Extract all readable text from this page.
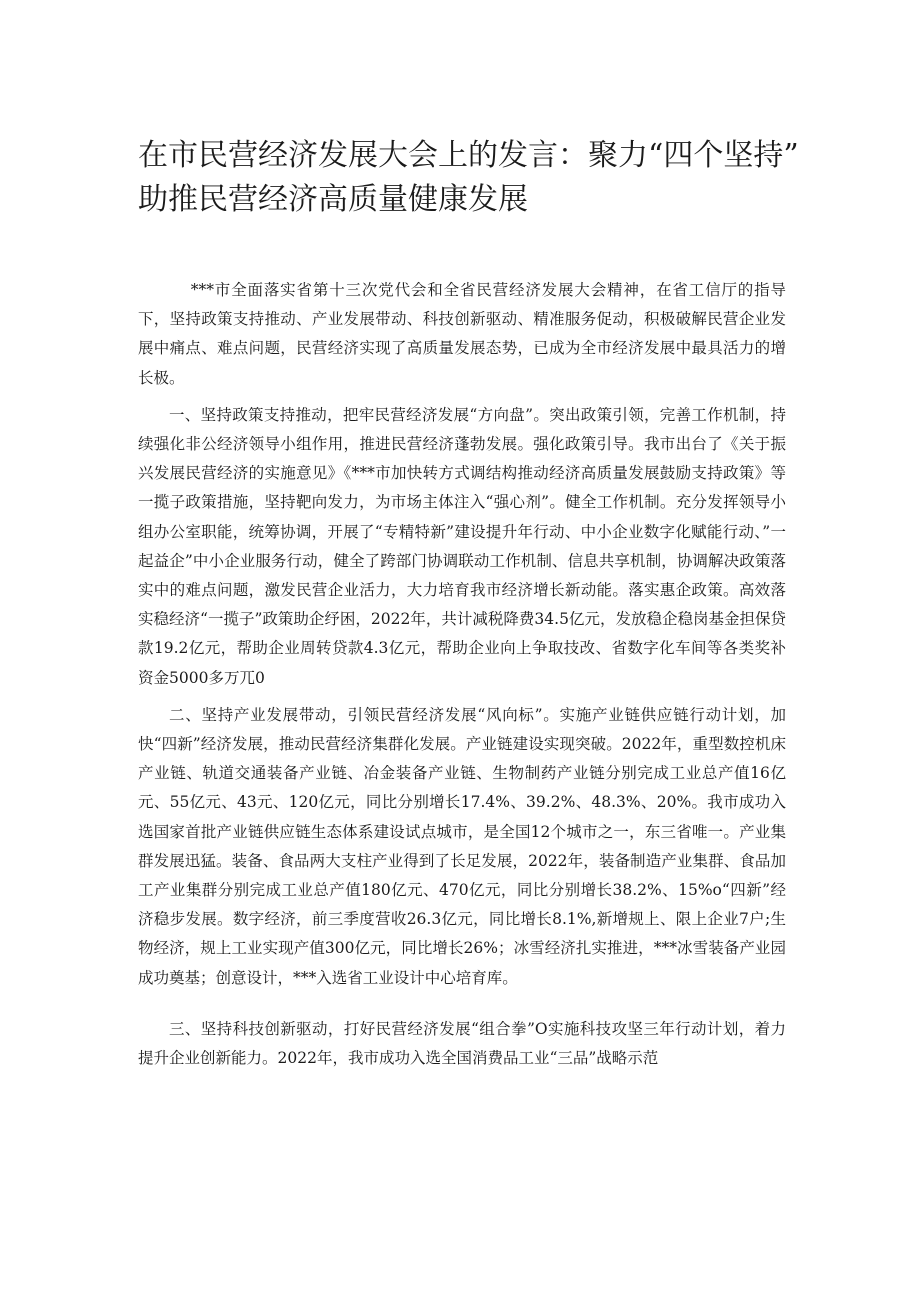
在市民营经济发展大会上的发言：聚力“四个坚持”
助推民营经济高质量健康发展

***市全面落实省第十三次党代会和全省民营经济发展大会精神，在省工信厅的指导下，坚持政策支持推动、产业发展带动、科技创新驱动、精准服务促动，积极破解民营企业发展中痛点、难点问题，民营经济实现了高质量发展态势，已成为全市经济发展中最具活力的增长极。

一、坚持政策支持推动，把牢民营经济发展“方向盘”。突出政策引领，完善工作机制，持续强化非公经济领导小组作用，推进民营经济蓬勃发展。强化政策引导。我市出台了《关于振兴发展民营经济的实施意见》《***市加快转方式调结构推动经济高质量发展鼓励支持政策》等一揽子政策措施，坚持靶向发力，为市场主体注入“强心剂”。健全工作机制。充分发挥领导小组办公室职能，统筹协调，开展了“专精特新”建设提升年行动、中小企业数字化赋能行动、”一起益企”中小企业服务行动，健全了跨部门协调联动工作机制、信息共享机制，协调解决政策落实中的难点问题，激发民营企业活力，大力培育我市经济增长新动能。落实惠企政策。高效落实稳经济“一揽子”政策助企纾困，2022年，共计减税降费34.5亿元，发放稳企稳岗基金担保贷款19.2亿元，帮助企业周转贷款4.3亿元，帮助企业向上争取技改、省数字化车间等各类奖补资金5000多万兀0

二、坚持产业发展带动，引领民营经济发展“风向标”。实施产业链供应链行动计划，加快“四新”经济发展，推动民营经济集群化发展。产业链建设实现突破。2022年，重型数控机床产业链、轨道交通装备产业链、冶金装备产业链、生物制药产业链分别完成工业总产值16亿元、55亿元、43元、120亿元，同比分别增长17.4%、39.2%、48.3%、20%。我市成功入选国家首批产业链供应链生态体系建设试点城市，是全国12个城市之一，东三省唯一。产业集群发展迅猛。装备、食品两大支柱产业得到了长足发展，2022年，装备制造产业集群、食品加工产业集群分别完成工业总产值180亿元、470亿元，同比分别增长38.2%、15%o“四新”经济稳步发展。数字经济，前三季度营收26.3亿元，同比增长8.1%,新增规上、限上企业7户;生物经济，规上工业实现产值300亿元，同比增长26%；冰雪经济扎实推进，***冰雪装备产业园成功奠基；创意设计，***入选省工业设计中心培育库。

三、坚持科技创新驱动，打好民营经济发展“组合拳”O实施科技攻坚三年行动计划，着力提升企业创新能力。2022年，我市成功入选全国消费品工业“三品”战略示范
